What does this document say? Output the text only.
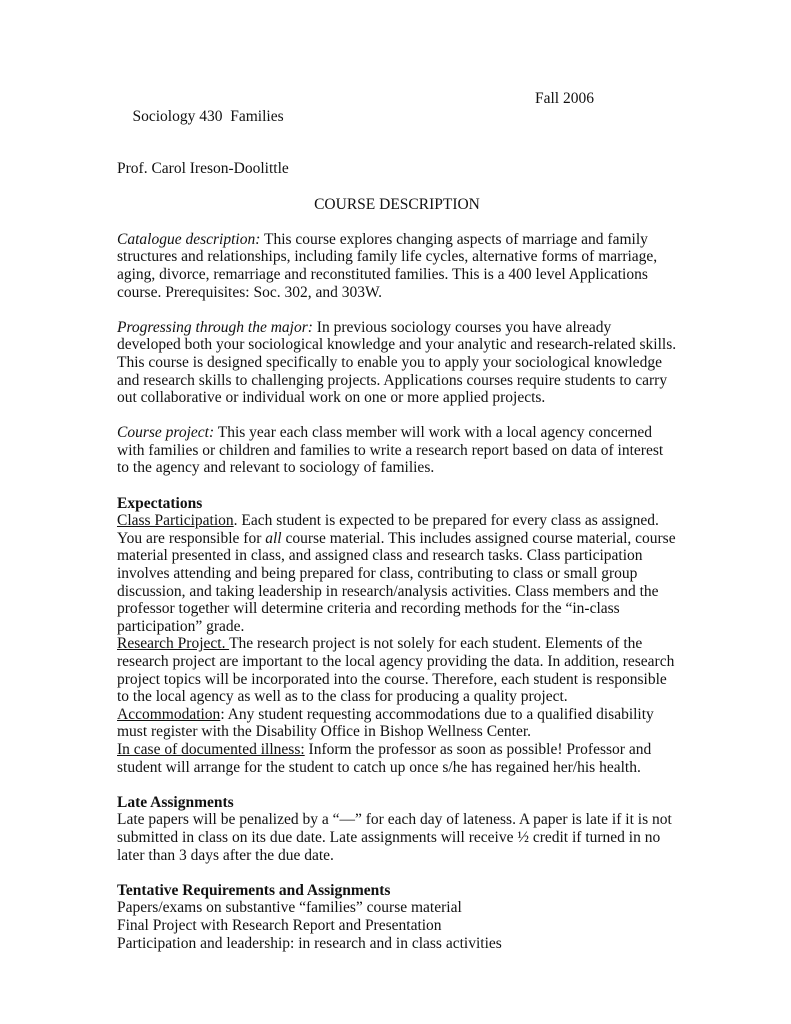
Sociology 430  Families

Fall 2006

Prof. Carol Ireson-Doolittle
COURSE DESCRIPTION
Catalogue description: This course explores changing aspects of marriage and family structures and relationships, including family life cycles, alternative forms of marriage, aging, divorce, remarriage and reconstituted families. This is a 400 level Applications course. Prerequisites: Soc. 302, and 303W.
Progressing through the major: In previous sociology courses you have already developed both your sociological knowledge and your analytic and research-related skills. This course is designed specifically to enable you to apply your sociological knowledge and research skills to challenging projects. Applications courses require students to carry out collaborative or individual work on one or more applied projects.
Course project: This year each class member will work with a local agency concerned with families or children and families to write a research report based on data of interest to the agency and relevant to sociology of families.
Expectations
Class Participation. Each student is expected to be prepared for every class as assigned. You are responsible for all course material. This includes assigned course material, course material presented in class, and assigned class and research tasks. Class participation involves attending and being prepared for class, contributing to class or small group discussion, and taking leadership in research/analysis activities. Class members and the professor together will determine criteria and recording methods for the “in-class participation” grade.
Research Project. The research project is not solely for each student. Elements of the research project are important to the local agency providing the data. In addition, research project topics will be incorporated into the course. Therefore, each student is responsible to the local agency as well as to the class for producing a quality project.
Accommodation: Any student requesting accommodations due to a qualified disability must register with the Disability Office in Bishop Wellness Center.
In case of documented illness: Inform the professor as soon as possible! Professor and student will arrange for the student to catch up once s/he has regained her/his health.
Late Assignments
Late papers will be penalized by a “—” for each day of lateness. A paper is late if it is not submitted in class on its due date. Late assignments will receive ½ credit if turned in no later than 3 days after the due date.
Tentative Requirements and Assignments
Papers/exams on substantive “families” course material
Final Project with Research Report and Presentation
Participation and leadership: in research and in class activities
